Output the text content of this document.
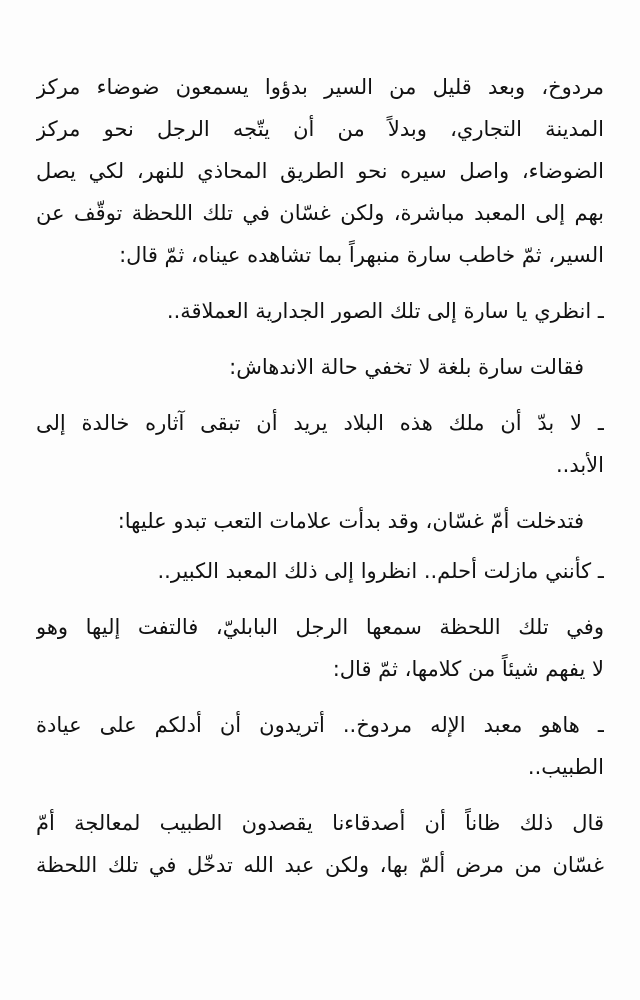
مردوخ، وبعد قليل من السير بدؤوا يسمعون ضوضاء مركز
المدينة التجاري، وبدلاً من أن يتّجه الرجل نحو مركز
الضوضاء، واصل سيره نحو الطريق المحاذي للنهر، لكي يصل
بهم إلى المعبد مباشرة، ولكن غسّان في تلك اللحظة توقّف عن
السير، ثمّ خاطب سارة منبهراً بما تشاهده عيناه، ثمّ قال:
ـ انظري يا سارة إلى تلك الصور الجدارية العملاقة..
فقالت سارة بلغة لا تخفي حالة الاندهاش:
ـ لا بدّ أن ملك هذه البلاد يريد أن تبقى آثاره خالدة إلى
الأبد..
فتدخلت أمّ غسّان، وقد بدأت علامات التعب تبدو عليها:
ـ كأنني مازلت أحلم.. انظروا إلى ذلك المعبد الكبير..
وفي تلك اللحظة سمعها الرجل البابليّ، فالتفت إليها وهو
لا يفهم شيئاً من كلامها، ثمّ قال:
ـ هاهو معبد الإله مردوخ.. أتريدون أن أدلكم على عيادة
الطبيب..
قال ذلك ظاناً أن أصدقاءنا يقصدون الطبيب لمعالجة أمّ
غسّان من مرض ألمّ بها، ولكن عبد الله تدخّل في تلك اللحظة
